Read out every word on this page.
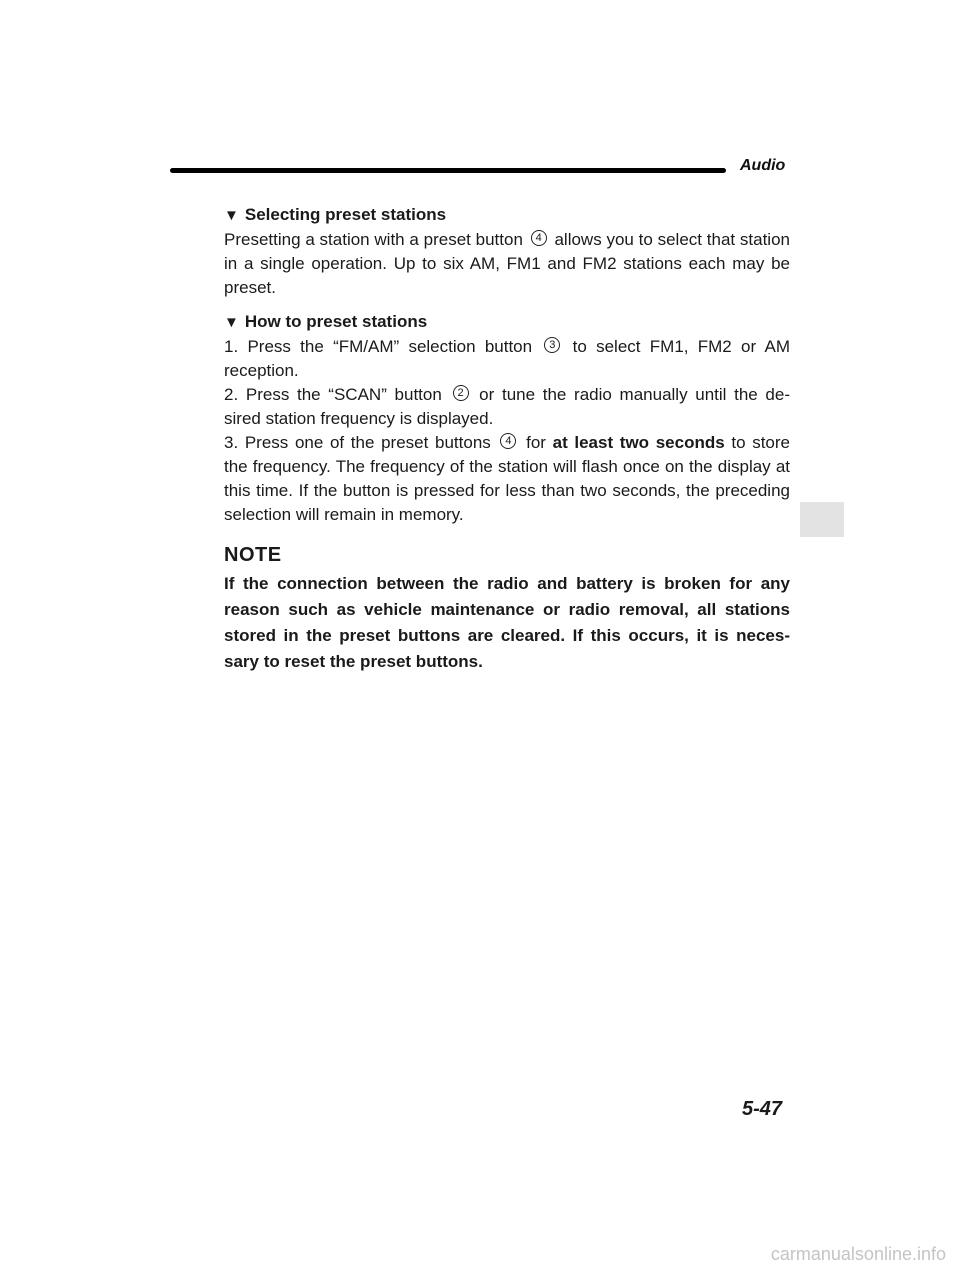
Audio
▼ Selecting preset stations

Presetting a station with a preset button 4 allows you to select that station in a single operation. Up to six AM, FM1 and FM2 stations each may be preset.

▼ How to preset stations

1. Press the “FM/AM” selection button 3 to select FM1, FM2 or AM reception.

2. Press the “SCAN” button 2 or tune the radio manually until the de- sired station frequency is displayed.

3. Press one of the preset buttons 4 for at least two seconds to store the frequency. The frequency of the station will flash once on the display at this time. If the button is pressed for less than two seconds, the preceding selection will remain in memory.

NOTE

If the connection between the radio and battery is broken for any reason such as vehicle maintenance or radio removal, all stations stored in the preset buttons are cleared. If this occurs, it is neces- sary to reset the preset buttons.

5-47
carmanualsonline.info
